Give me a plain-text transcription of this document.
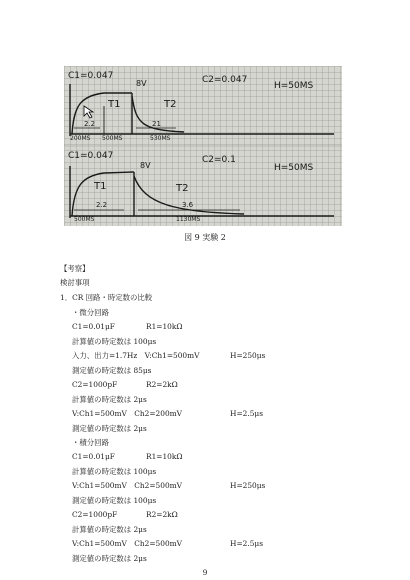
C1=0.047
8V	C2=0.047
H=50MS
T1	T2
2.2	21
200MS 500MS	530MS
C1=0.047
8V
C2=0.1
H=50MS
T1	T2
2.2	3.6
500MS	1130MS
図 9 実験 2
【考察】
検討事項
1．CR 回路・時定数の比較
・微分回路
C1=0.01μF	R1=10kΩ
計算値の時定数は 100μs
入力、出力=1.7Hz　V:Ch1=500mV	H=250μs
測定値の時定数は 85μs
C2=1000pF	R2=2kΩ
計算値の時定数は 2μs
V:Ch1=500mV　Ch2=200mV	H=2.5μs
測定値の時定数は 2μs
・積分回路
C1=0.01μF	R1=10kΩ
計算値の時定数は 100μs
V:Ch1=500mV　Ch2=500mV	H=250μs
測定値の時定数は 100μs
C2=1000pF	R2=2kΩ
計算値の時定数は 2μs
V:Ch1=500mV　Ch2=500mV	H=2.5μs
測定値の時定数は 2μs
9
